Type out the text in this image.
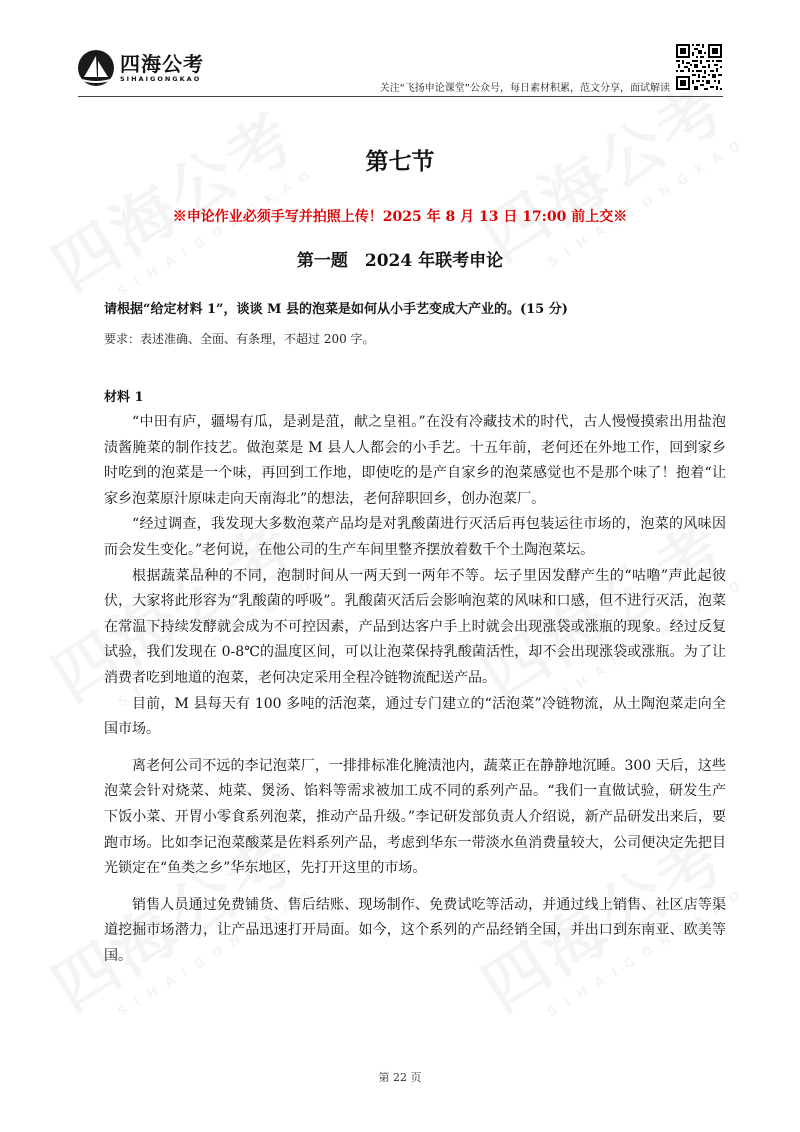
四海公考
SIHAIGONGKAO
关注“飞扬申论课堂”公众号，每日素材积累，范文分享，面试解读
第七节
※申论作业必须手写并拍照上传！2025 年 8 月 13 日 17:00 前上交※
第一题　2024 年联考申论
请根据“给定材料 1”，谈谈 M 县的泡菜是如何从小手艺变成大产业的。(15 分)
要求：表述准确、全面、有条理，不超过 200 字。
材料 1

“中田有庐，疆埸有瓜，是剥是菹，献之皇祖。”在没有冷藏技术的时代，古人慢慢摸索出用盐泡渍酱腌菜的制作技艺。做泡菜是 M 县人人都会的小手艺。十五年前，老何还在外地工作，回到家乡时吃到的泡菜是一个味，再回到工作地，即使吃的是产自家乡的泡菜感觉也不是那个味了！抱着“让家乡泡菜原汁原味走向天南海北”的想法，老何辞职回乡，创办泡菜厂。

“经过调查，我发现大多数泡菜产品均是对乳酸菌进行灭活后再包装运往市场的，泡菜的风味因而会发生变化。”老何说，在他公司的生产车间里整齐摆放着数千个土陶泡菜坛。

根据蔬菜品种的不同，泡制时间从一两天到一两年不等。坛子里因发酵产生的“咕噜”声此起彼伏，大家将此形容为“乳酸菌的呼吸”。乳酸菌灭活后会影响泡菜的风味和口感，但不进行灭活，泡菜在常温下持续发酵就会成为不可控因素，产品到达客户手上时就会出现涨袋或涨瓶的现象。经过反复试验，我们发现在 0-8℃的温度区间，可以让泡菜保持乳酸菌活性，却不会出现涨袋或涨瓶。为了让消费者吃到地道的泡菜，老何决定采用全程冷链物流配送产品。

目前，M 县每天有 100 多吨的活泡菜，通过专门建立的“活泡菜”冷链物流，从土陶泡菜走向全国市场。

离老何公司不远的李记泡菜厂，一排排标准化腌渍池内，蔬菜正在静静地沉睡。300 天后，这些泡菜会针对烧菜、炖菜、煲汤、馅料等需求被加工成不同的系列产品。“我们一直做试验，研发生产下饭小菜、开胃小零食系列泡菜，推动产品升级。”李记研发部负责人介绍说，新产品研发出来后，要跑市场。比如李记泡菜酸菜是佐料系列产品，考虑到华东一带淡水鱼消费量较大，公司便决定先把目光锁定在“鱼类之乡”华东地区，先打开这里的市场。

销售人员通过免费铺货、售后结账、现场制作、免费试吃等活动，并通过线上销售、社区店等渠道挖掘市场潜力，让产品迅速打开局面。如今，这个系列的产品经销全国，并出口到东南亚、欧美等国。

第 22 页
